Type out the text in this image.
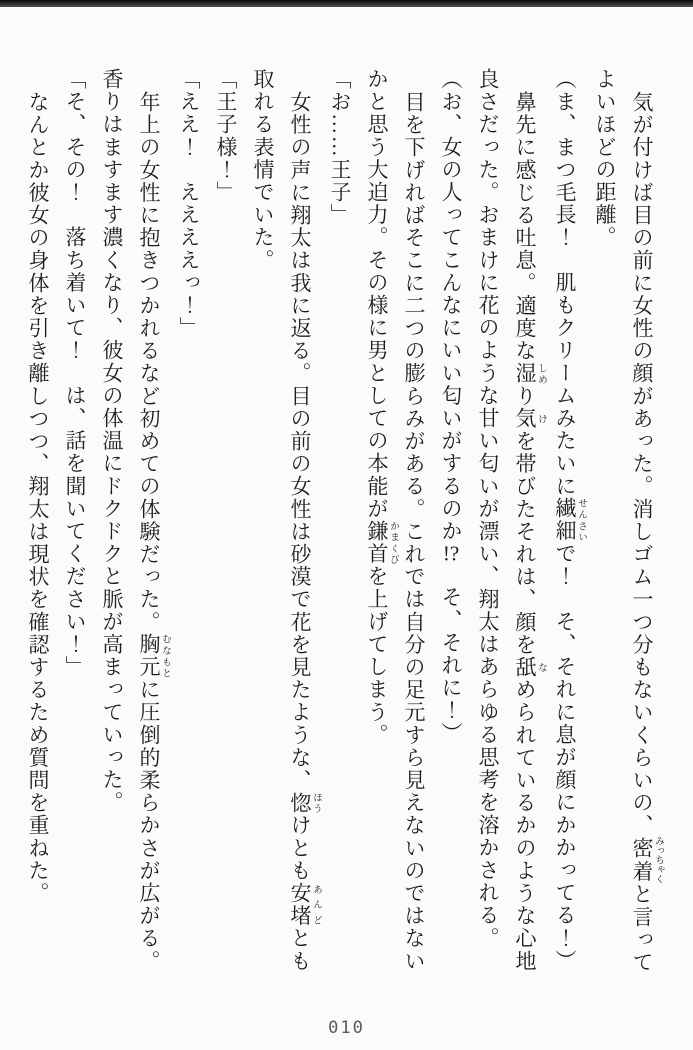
気が付けば目の前に女性の顔があった。消しゴム一つ分もないくらいの、密着 みっちゃくと言ってよいほどの距離。

（ま、まつ毛長！　肌もクリームみたいに繊細 せんさいで！　そ、それに息が顔にかかってる！）

鼻先に感じる吐息。適度な湿 しめり気 けを帯びたそれは、顔を舐 なめられているかのような心地良さだった。おまけに花のような甘い匂いが漂い、翔太はあらゆる思考を溶かされる。

（お、女の人ってこんなにいい匂いがするのか!?　そ、それに！）

目を下げればそこに二つの膨らみがある。これでは自分の足元すら見えないのではないかと思う大迫力。その様に男としての本能が鎌首 かまくびを上げてしまう。

「お……王子」

女性の声に翔太は我に返る。目の前の女性は砂漠で花を見たような、惚 ほうけとも安堵 あんどとも取れる表情でいた。

「王子様！」

「ええ！　ええええっ！」

年上の女性に抱きつかれるなど初めての体験だった。胸元 むなもとに圧倒的柔らかさが広がる。香りはますます濃くなり、彼女の体温にドクドクと脈が高まっていった。

「そ、その！　落ち着いて！　は、話を聞いてください！」

なんとか彼女の身体を引き離しつつ、翔太は現状を確認するため質問を重ねた。

010
